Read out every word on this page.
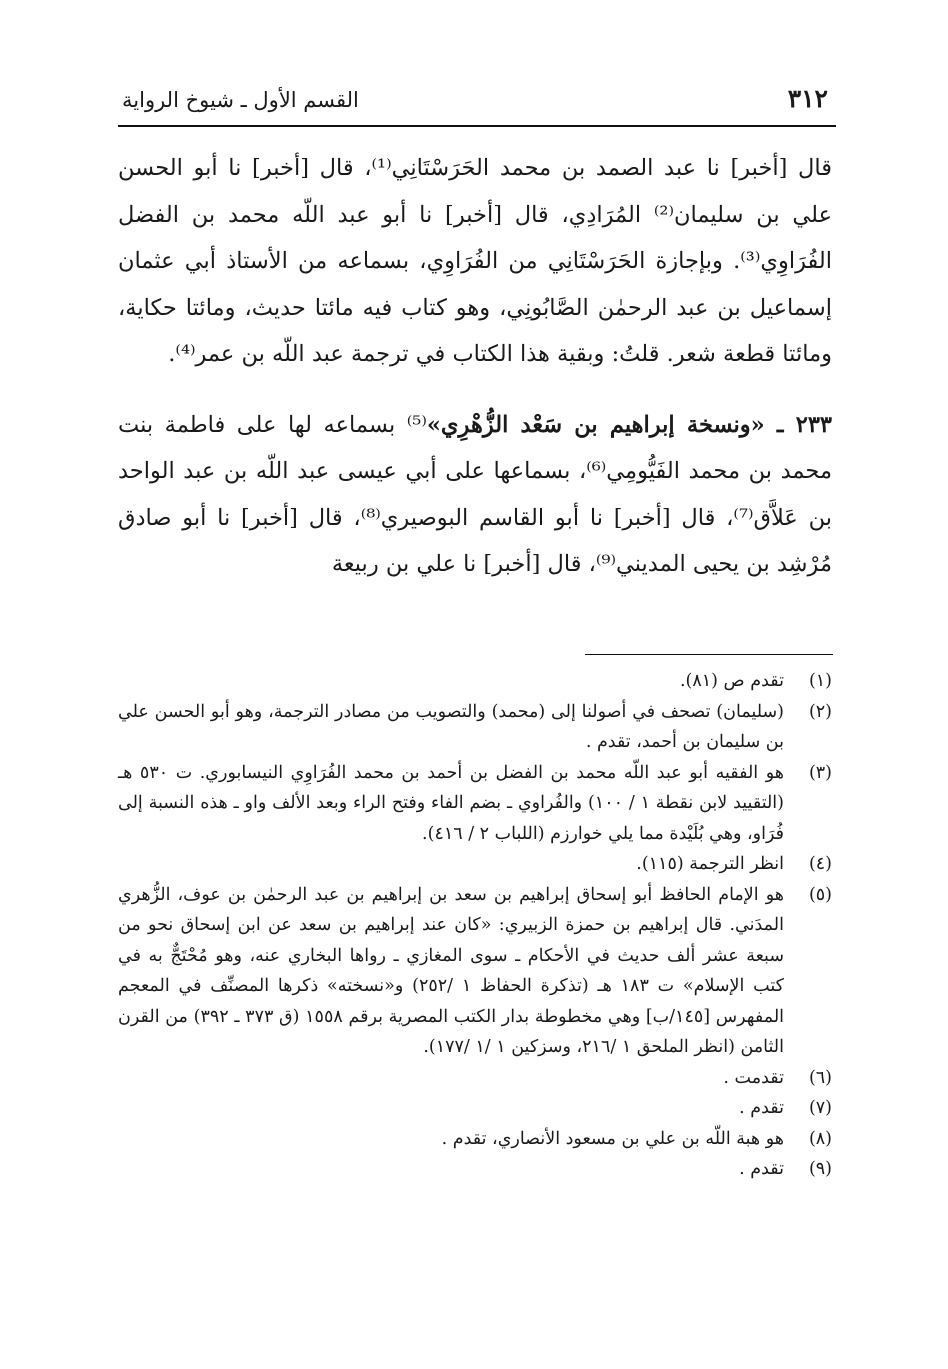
٣١٢
القسم الأول ـ شيوخ الرواية

قال [أخبر] نا عبد الصمد بن محمد الحَرَسْتَانِي⁽¹⁾، قال [أخبر] نا أبو الحسن علي بن سليمان⁽²⁾ المُرَادِي، قال [أخبر] نا أبو عبد اللّه محمد بن الفضل الفُرَاوِي⁽³⁾. وبإجازة الحَرَسْتَانِي من الفُرَاوِي، بسماعه من الأستاذ أبي عثمان إسماعيل بن عبد الرحمٰن الصَّابُونِي، وهو كتاب فيه مائتا حديث، ومائتا حكاية، ومائتا قطعة شعر. قلتُ: وبقية هذا الكتاب في ترجمة عبد اللّه بن عمر⁽⁴⁾.

٢٣٣ ـ «ونسخة إبراهيم بن سَعْد الزُّهْرِي»⁽⁵⁾ بسماعه لها على فاطمة بنت محمد بن محمد الفَيُّومِي⁽⁶⁾، بسماعها على أبي عيسى عبد اللّه بن عبد الواحد بن عَلاَّق⁽⁷⁾، قال [أخبر] نا أبو القاسم البوصيري⁽⁸⁾، قال [أخبر] نا أبو صادق مُرْشِد بن يحيى المديني⁽⁹⁾، قال [أخبر] نا علي بن ربيعة

(١)
تقدم ص (٨١).
(٢)
(سليمان) تصحف في أصولنا إلى (محمد) والتصويب من مصادر الترجمة، وهو أبو الحسن علي بن سليمان بن أحمد، تقدم .
(٣)
هو الفقيه أبو عبد اللّه محمد بن الفضل بن أحمد بن محمد الفُرَاوِي النيسابوري. ت ٥٣٠ هـ (التقييد لابن نقطة ١ / ١٠٠) والفُراوي ـ بضم الفاء وفتح الراء وبعد الألف واو ـ هذه النسبة إلى فُرَاو، وهي بُلَيْدة مما يلي خوارزم (اللباب ٢ / ٤١٦).
(٤)
انظر الترجمة (١١٥).
(٥)
هو الإمام الحافظ أبو إسحاق إبراهيم بن سعد بن إبراهيم بن عبد الرحمٰن بن عوف، الزُّهري المدَني. قال إبراهيم بن حمزة الزبيري: «كان عند إبراهيم بن سعد عن ابن إسحاق نحو من سبعة عشر ألف حديث في الأحكام ـ سوى المغازي ـ رواها البخاري عنه، وهو مُحْتَجٌّ به في كتب الإسلام» ت ١٨٣ هـ (تذكرة الحفاظ ١ /٢٥٢) و«نسخته» ذكرها المصنِّف في المعجم المفهرس [١٤٥/ب] وهي مخطوطة بدار الكتب المصرية برقم ١٥٥٨ (ق ٣٧٣ ـ ٣٩٢) من القرن الثامن (انظر الملحق ١ /٢١٦، وسزكين ١ /١ /١٧٧).
(٦)
تقدمت .
(٧)
تقدم .
(٨)
هو هبة اللّه بن علي بن مسعود الأنصاري، تقدم .
(٩)
تقدم .
